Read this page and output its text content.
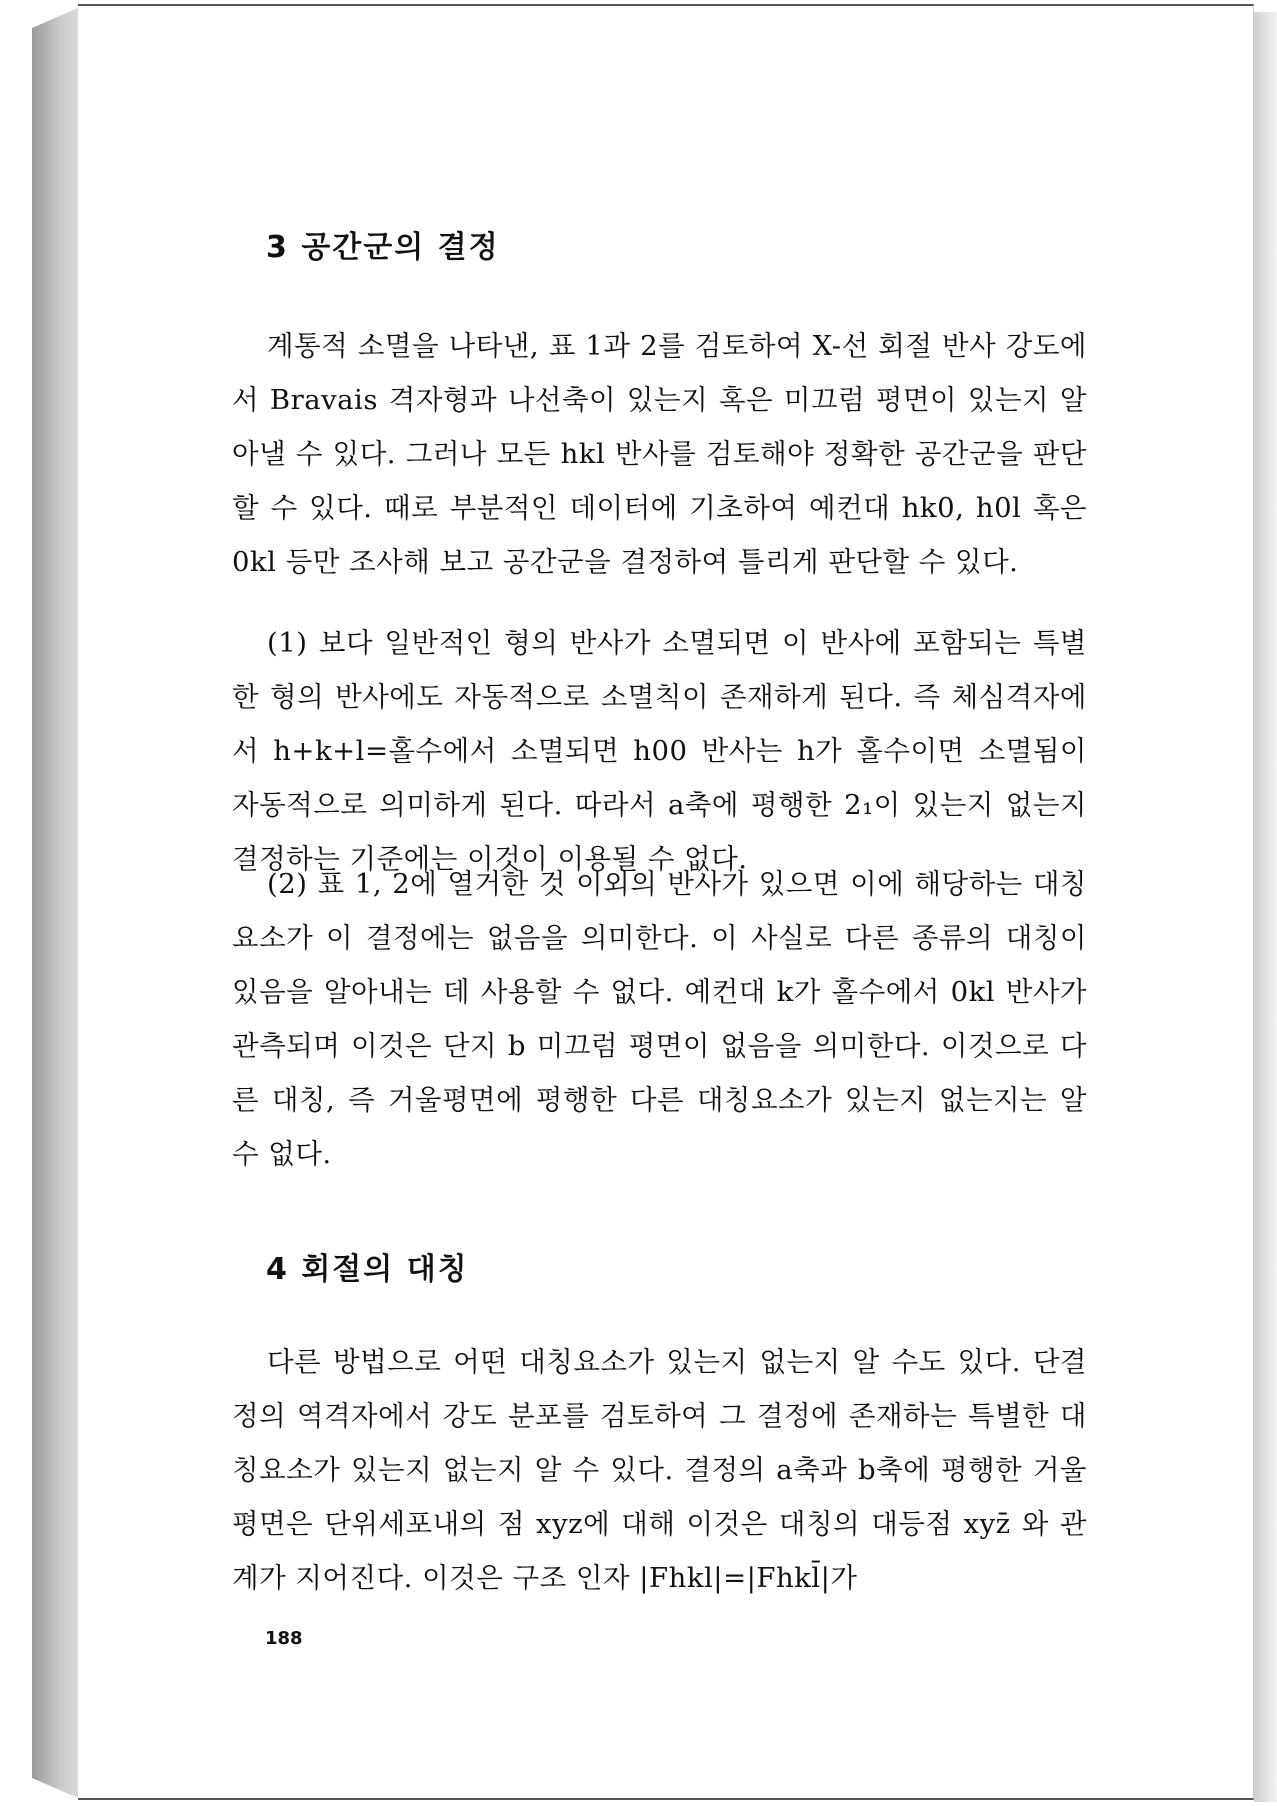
3 공간군의 결정

계통적 소멸을 나타낸, 표 1과 2를 검토하여 X-선 회절 반사 강도에서 Bravais 격자형과 나선축이 있는지 혹은 미끄럼 평면이 있는지 알아낼 수 있다. 그러나 모든 hkl 반사를 검토해야 정확한 공간군을 판단할 수 있다. 때로 부분적인 데이터에 기초하여 예컨대 hk0, h0l 혹은 0kl 등만 조사해 보고 공간군을 결정하여 틀리게 판단할 수 있다.

(1) 보다 일반적인 형의 반사가 소멸되면 이 반사에 포함되는 특별한 형의 반사에도 자동적으로 소멸칙이 존재하게 된다. 즉 체심격자에서 h+k+l=홀수에서 소멸되면 h00 반사는 h가 홀수이면 소멸됨이 자동적으로 의미하게 된다. 따라서 a축에 평행한 2₁이 있는지 없는지 결정하는 기준에는 이것이 이용될 수 없다.

(2) 표 1, 2에 열거한 것 이외의 반사가 있으면 이에 해당하는 대칭요소가 이 결정에는 없음을 의미한다. 이 사실로 다른 종류의 대칭이 있음을 알아내는 데 사용할 수 없다. 예컨대 k가 홀수에서 0kl 반사가 관측되며 이것은 단지 b 미끄럼 평면이 없음을 의미한다. 이것으로 다른 대칭, 즉 거울평면에 평행한 다른 대칭요소가 있는지 없는지는 알 수 없다.

4 회절의 대칭

다른 방법으로 어떤 대칭요소가 있는지 없는지 알 수도 있다. 단결정의 역격자에서 강도 분포를 검토하여 그 결정에 존재하는 특별한 대칭요소가 있는지 없는지 알 수 있다. 결정의 a축과 b축에 평행한 거울평면은 단위세포내의 점 xyz에 대해 이것은 대칭의 대등점 xyz̄ 와 관계가 지어진다. 이것은 구조 인자 |Fhkl|=|Fhkl̄|가

188
